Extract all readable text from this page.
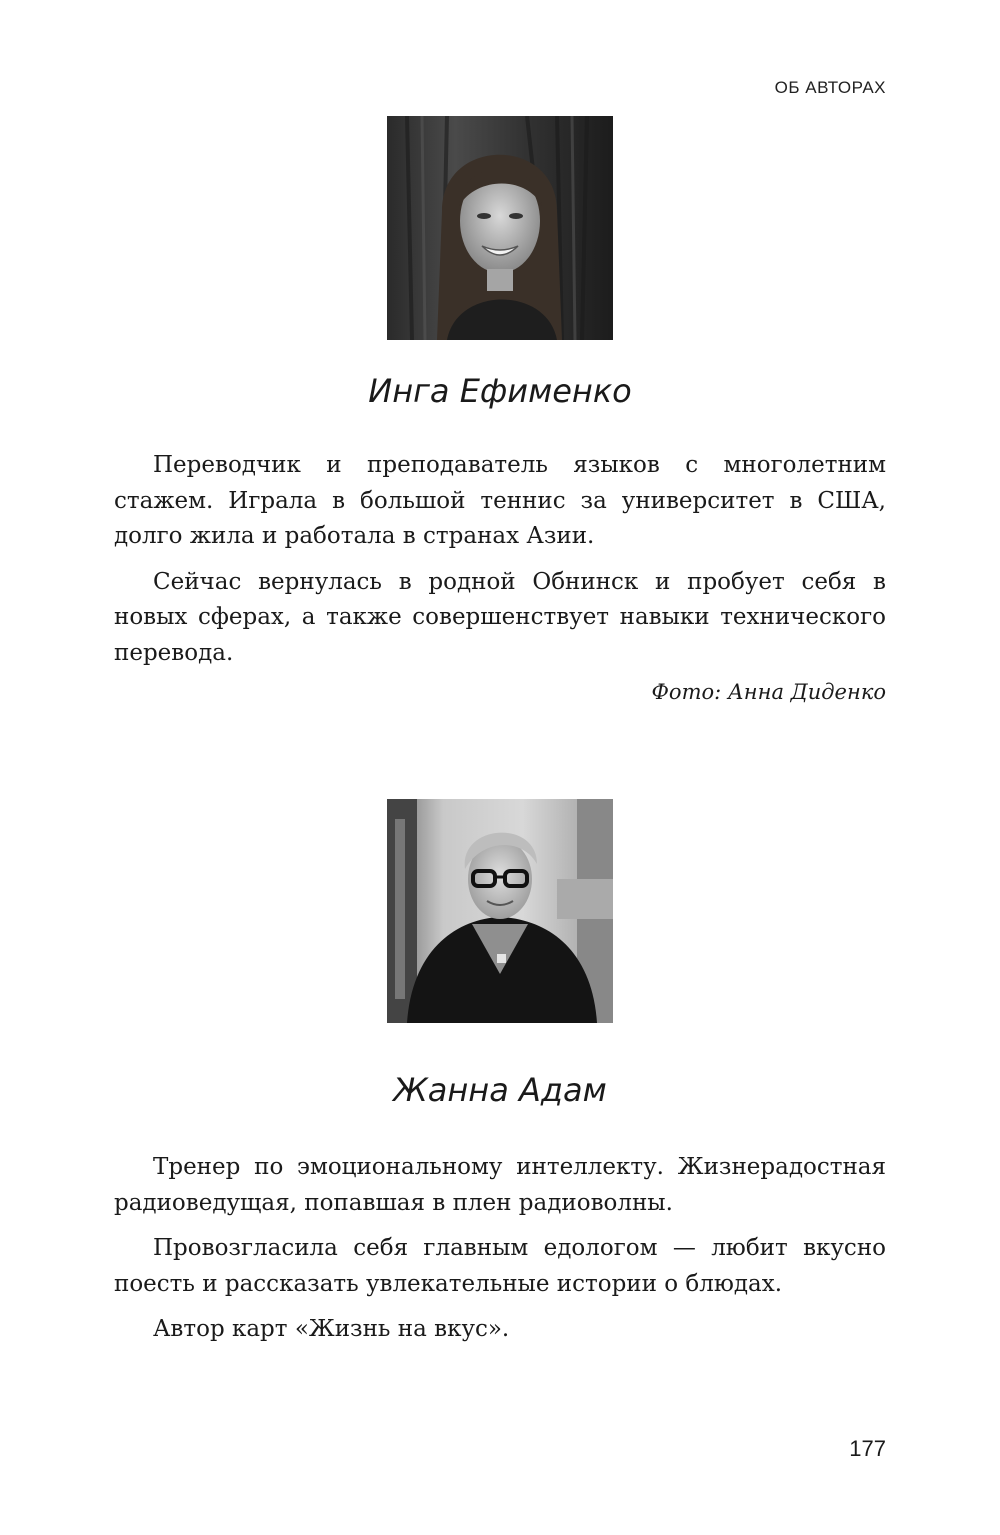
ОБ АВТОРАХ
Инга Ефименко

Переводчик и преподаватель языков с многолетним стажем. Играла в большой теннис за университет в США, долго жила и работала в странах Азии.

Сейчас вернулась в родной Обнинск и пробует себя в новых сферах, а также совершенствует навыки технического перевода.

Фото: Анна Диденко
Жанна Адам

Тренер по эмоциональному интеллекту. Жизнерадостная радиоведущая, попавшая в плен радиоволны.

Провозгласила себя главным едологом — любит вкусно поесть и рассказать увлекательные истории о блюдах.

Автор карт «Жизнь на вкус».

177
